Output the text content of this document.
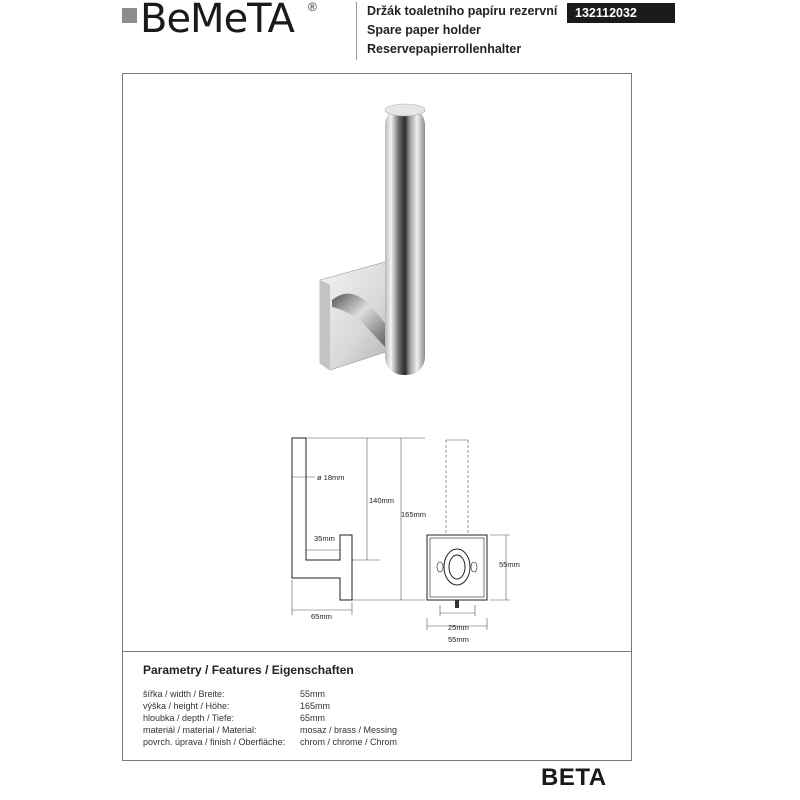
BeMeTA ®	Držák toaletního papíru rezervní
Spare paper holder
Reservepapierrollenhalter
132112032
ø 18mm
140mm
165mm
35mm
65mm
55mm
25mm
55mm
Parametry / Features / Eigenschaften
šířka / width / Breite:	55mm
výška / height / Höhe:	165mm
hloubka / depth / Tiefe:	65mm
materiál / material / Material:	mosaz / brass / Messing
povrch. úprava / finish / Oberfläche: chrom / chrome / Chrom
BETA
